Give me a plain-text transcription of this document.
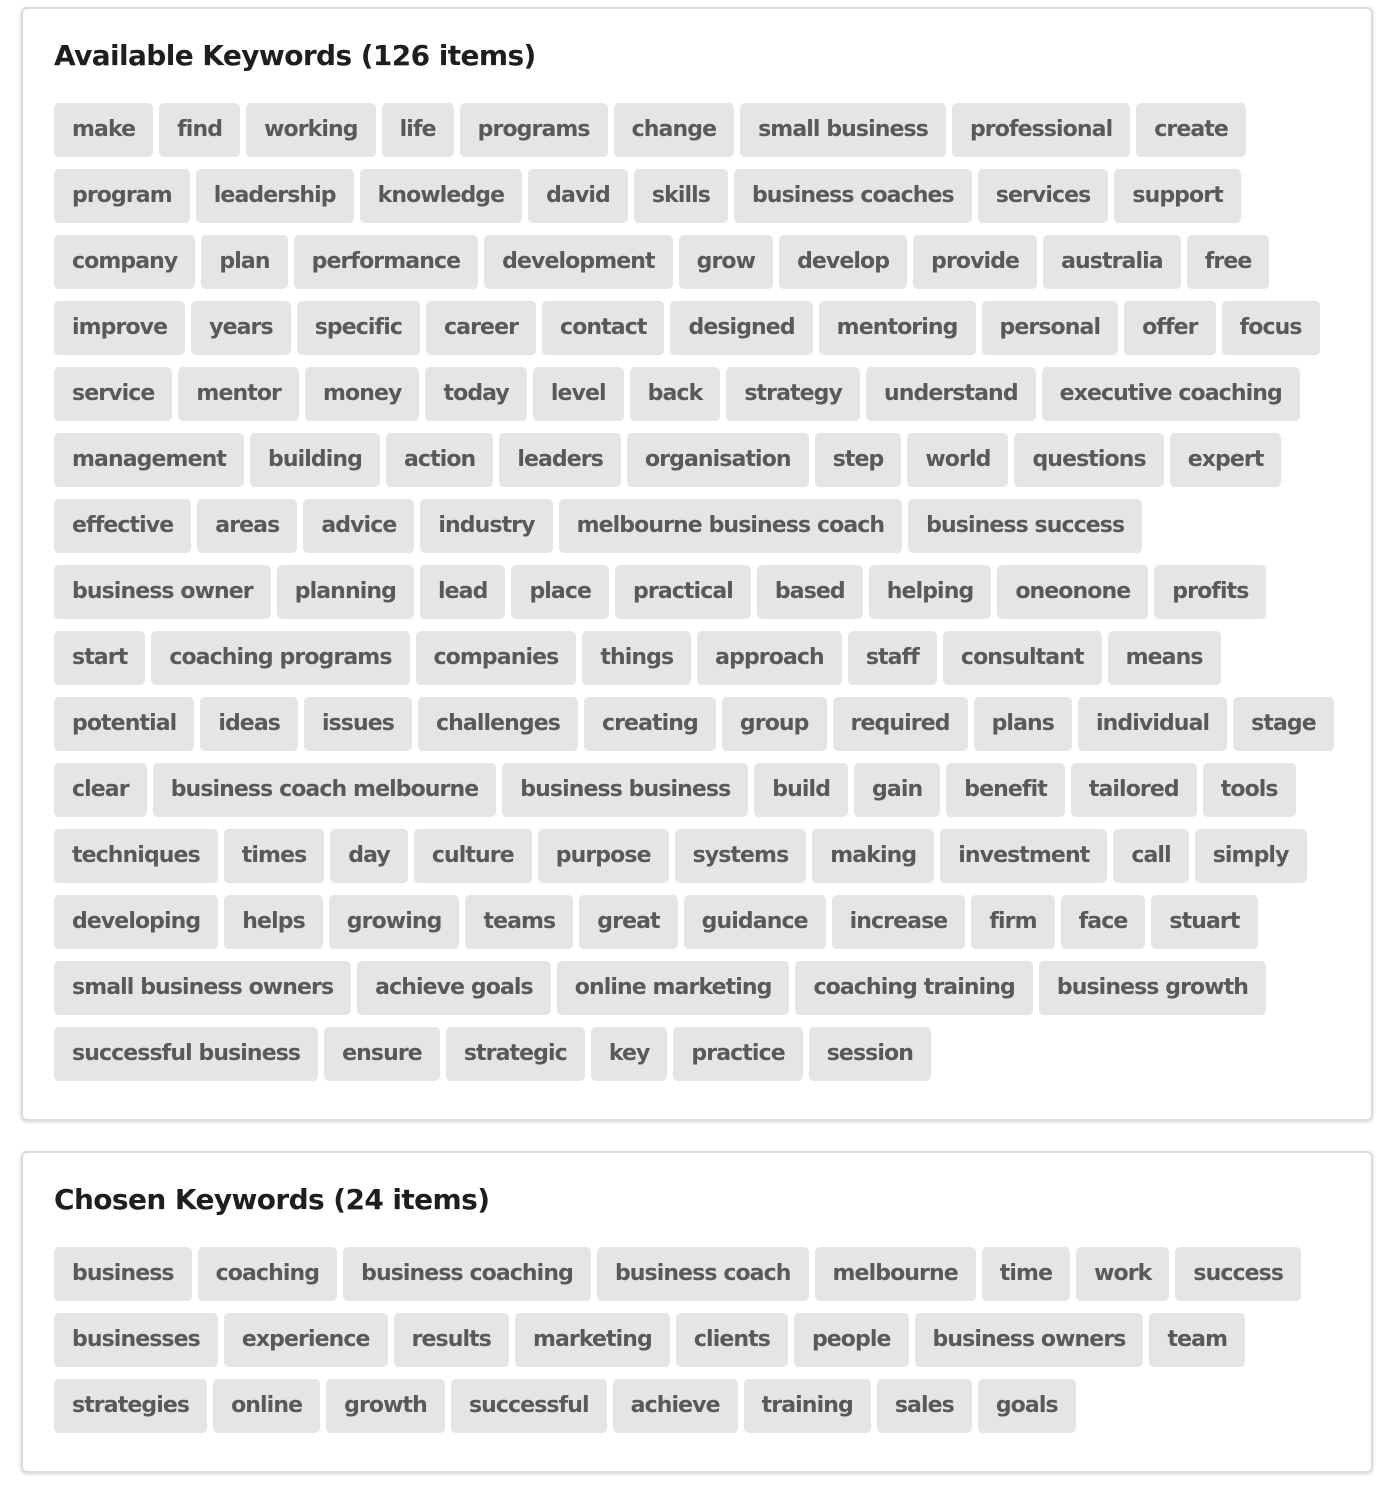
Available Keywords (126 items)
make	find	working	life	programs	change	small business	professional	create
program	leadership	knowledge	david	skills	business coaches	services	support
company	plan	performance	development	grow	develop	provide	australia	free
improve	years	specific	career	contact	designed	mentoring	personal	offer	focus
service	mentor	money	today	level	back	strategy	understand	executive coaching
management	building	action	leaders	organisation	step	world	questions	expert
effective	areas	advice	industry	melbourne business coach	business success
business owner	planning	lead	place	practical	based	helping	oneonone	profits
start	coaching programs	companies	things	approach	staff	consultant	means
potential	ideas	issues	challenges	creating	group	required	plans	individual	stage
clear	business coach melbourne	business business	build	gain	benefit	tailored	tools
techniques	times	day	culture	purpose	systems	making	investment	call	simply
developing	helps	growing	teams	great	guidance	increase	firm	face	stuart
small business owners	achieve goals	online marketing	coaching training	business growth
successful business	ensure	strategic	key	practice	session
Chosen Keywords (24 items)
business	coaching	business coaching	business coach	melbourne	time	work	success
businesses	experience	results	marketing	clients	people	business owners	team
strategies	online	growth	successful	achieve	training	sales	goals
